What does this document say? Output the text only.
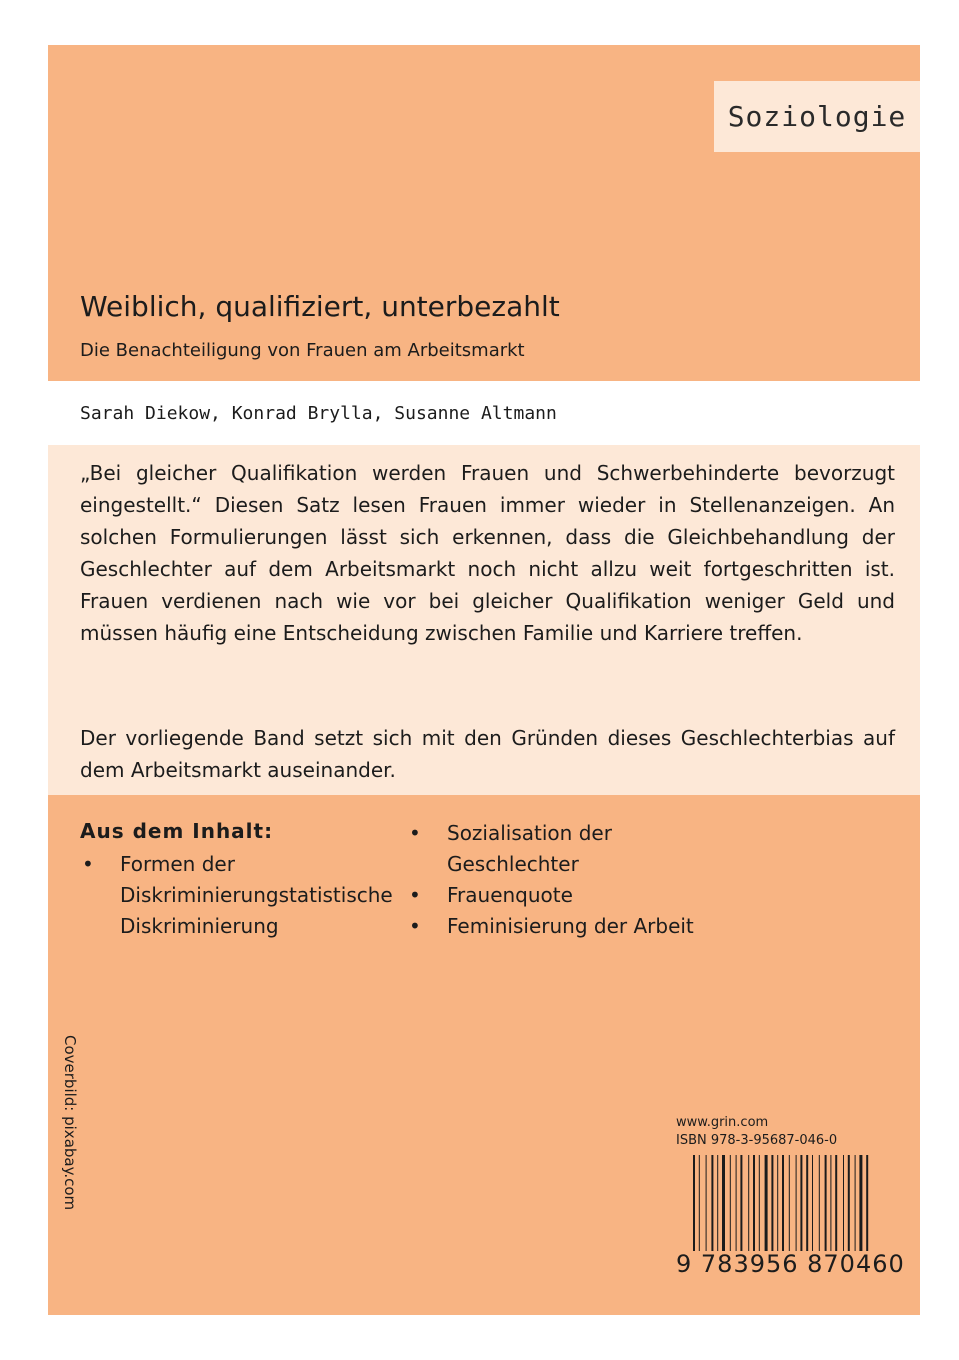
Soziologie
Weiblich, qualifiziert, unterbezahlt
Die Benachteiligung von Frauen am Arbeitsmarkt
Sarah Diekow, Konrad Brylla, Susanne Altmann

„Bei gleicher Qualifikation werden Frauen und Schwerbehinderte bevorzugt eingestellt.“ Diesen Satz lesen Frauen immer wieder in Stellenanzeigen. An solchen Formulierungen lässt sich erkennen, dass die Gleichbehandlung der Geschlechter auf dem Arbeitsmarkt noch nicht allzu weit fortgeschritten ist. Frauen verdienen nach wie vor bei gleicher Qualifikation weniger Geld und müssen häufig eine Entscheidung zwischen Familie und Karriere treffen.

Der vorliegende Band setzt sich mit den Gründen dieses Geschlechterbias auf dem Arbeitsmarkt auseinander.

Aus dem Inhalt:
• Formen der Diskriminierungstatistische Diskriminierung
• Sozialisation der Geschlechter
• Frauenquote
• Feminisierung der Arbeit
Coverbild: pixabay.com	www.grin.com
ISBN 978-3-95687-046-0
9 783956 870460
